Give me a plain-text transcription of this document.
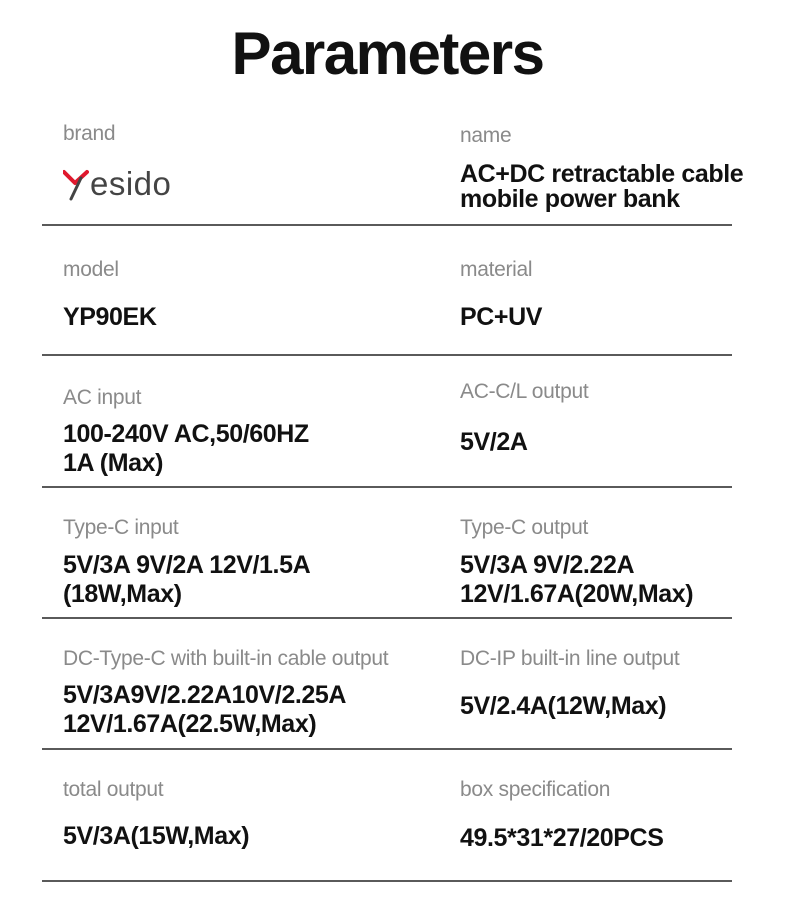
Parameters
brand
esido
name
AC+DC retractable cable
mobile power bank
model
YP90EK
material
PC+UV
AC input
100-240V AC,50/60HZ
1A (Max)
AC-C/L output
5V/2A
Type-C input
5V/3A 9V/2A 12V/1.5A
(18W,Max)
Type-C output
5V/3A 9V/2.22A
12V/1.67A(20W,Max)
DC-Type-C with built-in cable output
5V/3A9V/2.22A10V/2.25A
12V/1.67A(22.5W,Max)
DC-IP built-in line output
5V/2.4A(12W,Max)
total output
5V/3A(15W,Max)
box specification
49.5*31*27/20PCS
